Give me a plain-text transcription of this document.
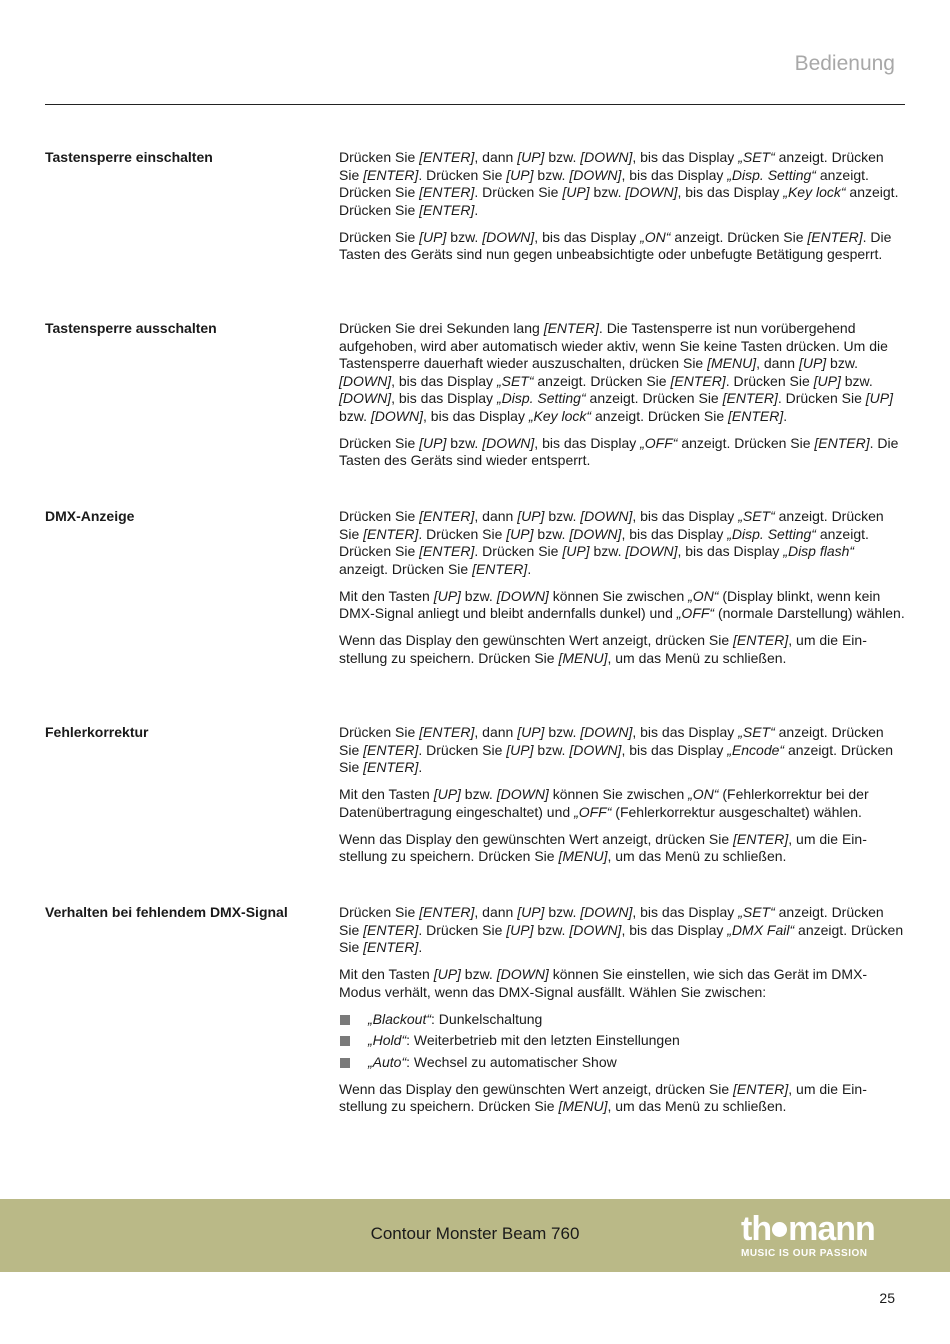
Bedienung
Tastensperre einschalten	Drücken Sie [ENTER], dann [UP] bzw. [DOWN], bis das Display „SET“ anzeigt. Drücken Sie [ENTER]. Drücken Sie [UP] bzw. [DOWN], bis das Display „Disp. Setting“ anzeigt. Drücken Sie [ENTER]. Drücken Sie [UP] bzw. [DOWN], bis das Display „Key lock“ anzeigt. Drücken Sie [ENTER].

Drücken Sie [UP] bzw. [DOWN], bis das Display „ON“ anzeigt. Drücken Sie [ENTER]. Die Tasten des Geräts sind nun gegen unbeabsichtigte oder unbefugte Betätigung gesperrt.

Tastensperre ausschalten	Drücken Sie drei Sekunden lang [ENTER]. Die Tastensperre ist nun vorübergehend aufgehoben, wird aber automatisch wieder aktiv, wenn Sie keine Tasten drücken. Um die Tastensperre dauerhaft wieder auszuschalten, drücken Sie [MENU], dann [UP] bzw. [DOWN], bis das Display „SET“ anzeigt. Drücken Sie [ENTER]. Drücken Sie [UP] bzw. [DOWN], bis das Display „Disp. Setting“ anzeigt. Drücken Sie [ENTER]. Drücken Sie [UP] bzw. [DOWN], bis das Display „Key lock“ anzeigt. Drücken Sie [ENTER].

Drücken Sie [UP] bzw. [DOWN], bis das Display „OFF“ anzeigt. Drücken Sie [ENTER]. Die Tasten des Geräts sind wieder entsperrt.

DMX-Anzeige	Drücken Sie [ENTER], dann [UP] bzw. [DOWN], bis das Display „SET“ anzeigt. Drücken Sie [ENTER]. Drücken Sie [UP] bzw. [DOWN], bis das Display „Disp. Setting“ anzeigt. Drücken Sie [ENTER]. Drücken Sie [UP] bzw. [DOWN], bis das Display „Disp flash“ anzeigt. Drücken Sie [ENTER].

Mit den Tasten [UP] bzw. [DOWN] können Sie zwischen „ON“ (Display blinkt, wenn kein DMX-Signal anliegt und bleibt andernfalls dunkel) und „OFF“ (normale Darstellung) wählen.

Wenn das Display den gewünschten Wert anzeigt, drücken Sie [ENTER], um die Einstellung zu speichern. Drücken Sie [MENU], um das Menü zu schließen.

Fehlerkorrektur	Drücken Sie [ENTER], dann [UP] bzw. [DOWN], bis das Display „SET“ anzeigt. Drücken Sie [ENTER]. Drücken Sie [UP] bzw. [DOWN], bis das Display „Encode“ anzeigt. Drücken Sie [ENTER].

Mit den Tasten [UP] bzw. [DOWN] können Sie zwischen „ON“ (Fehlerkorrektur bei der Datenübertragung eingeschaltet) und „OFF“ (Fehlerkorrektur ausgeschaltet) wählen.

Wenn das Display den gewünschten Wert anzeigt, drücken Sie [ENTER], um die Einstellung zu speichern. Drücken Sie [MENU], um das Menü zu schließen.

Verhalten bei fehlendem DMX-Signal	Drücken Sie [ENTER], dann [UP] bzw. [DOWN], bis das Display „SET“ anzeigt. Drücken Sie [ENTER]. Drücken Sie [UP] bzw. [DOWN], bis das Display „DMX Fail“ anzeigt. Drücken Sie [ENTER].

Mit den Tasten [UP] bzw. [DOWN] können Sie einstellen, wie sich das Gerät im DMX-Modus verhält, wenn das DMX-Signal ausfällt. Wählen Sie zwischen:

„Blackout“: Dunkelschaltung
„Hold“: Weiterbetrieb mit den letzten Einstellungen
„Auto“: Wechsel zu automatischer Show

Wenn das Display den gewünschten Wert anzeigt, drücken Sie [ENTER], um die Einstellung zu speichern. Drücken Sie [MENU], um das Menü zu schließen.

Contour Monster Beam 760	th mann
MUSIC IS OUR PASSION
25
